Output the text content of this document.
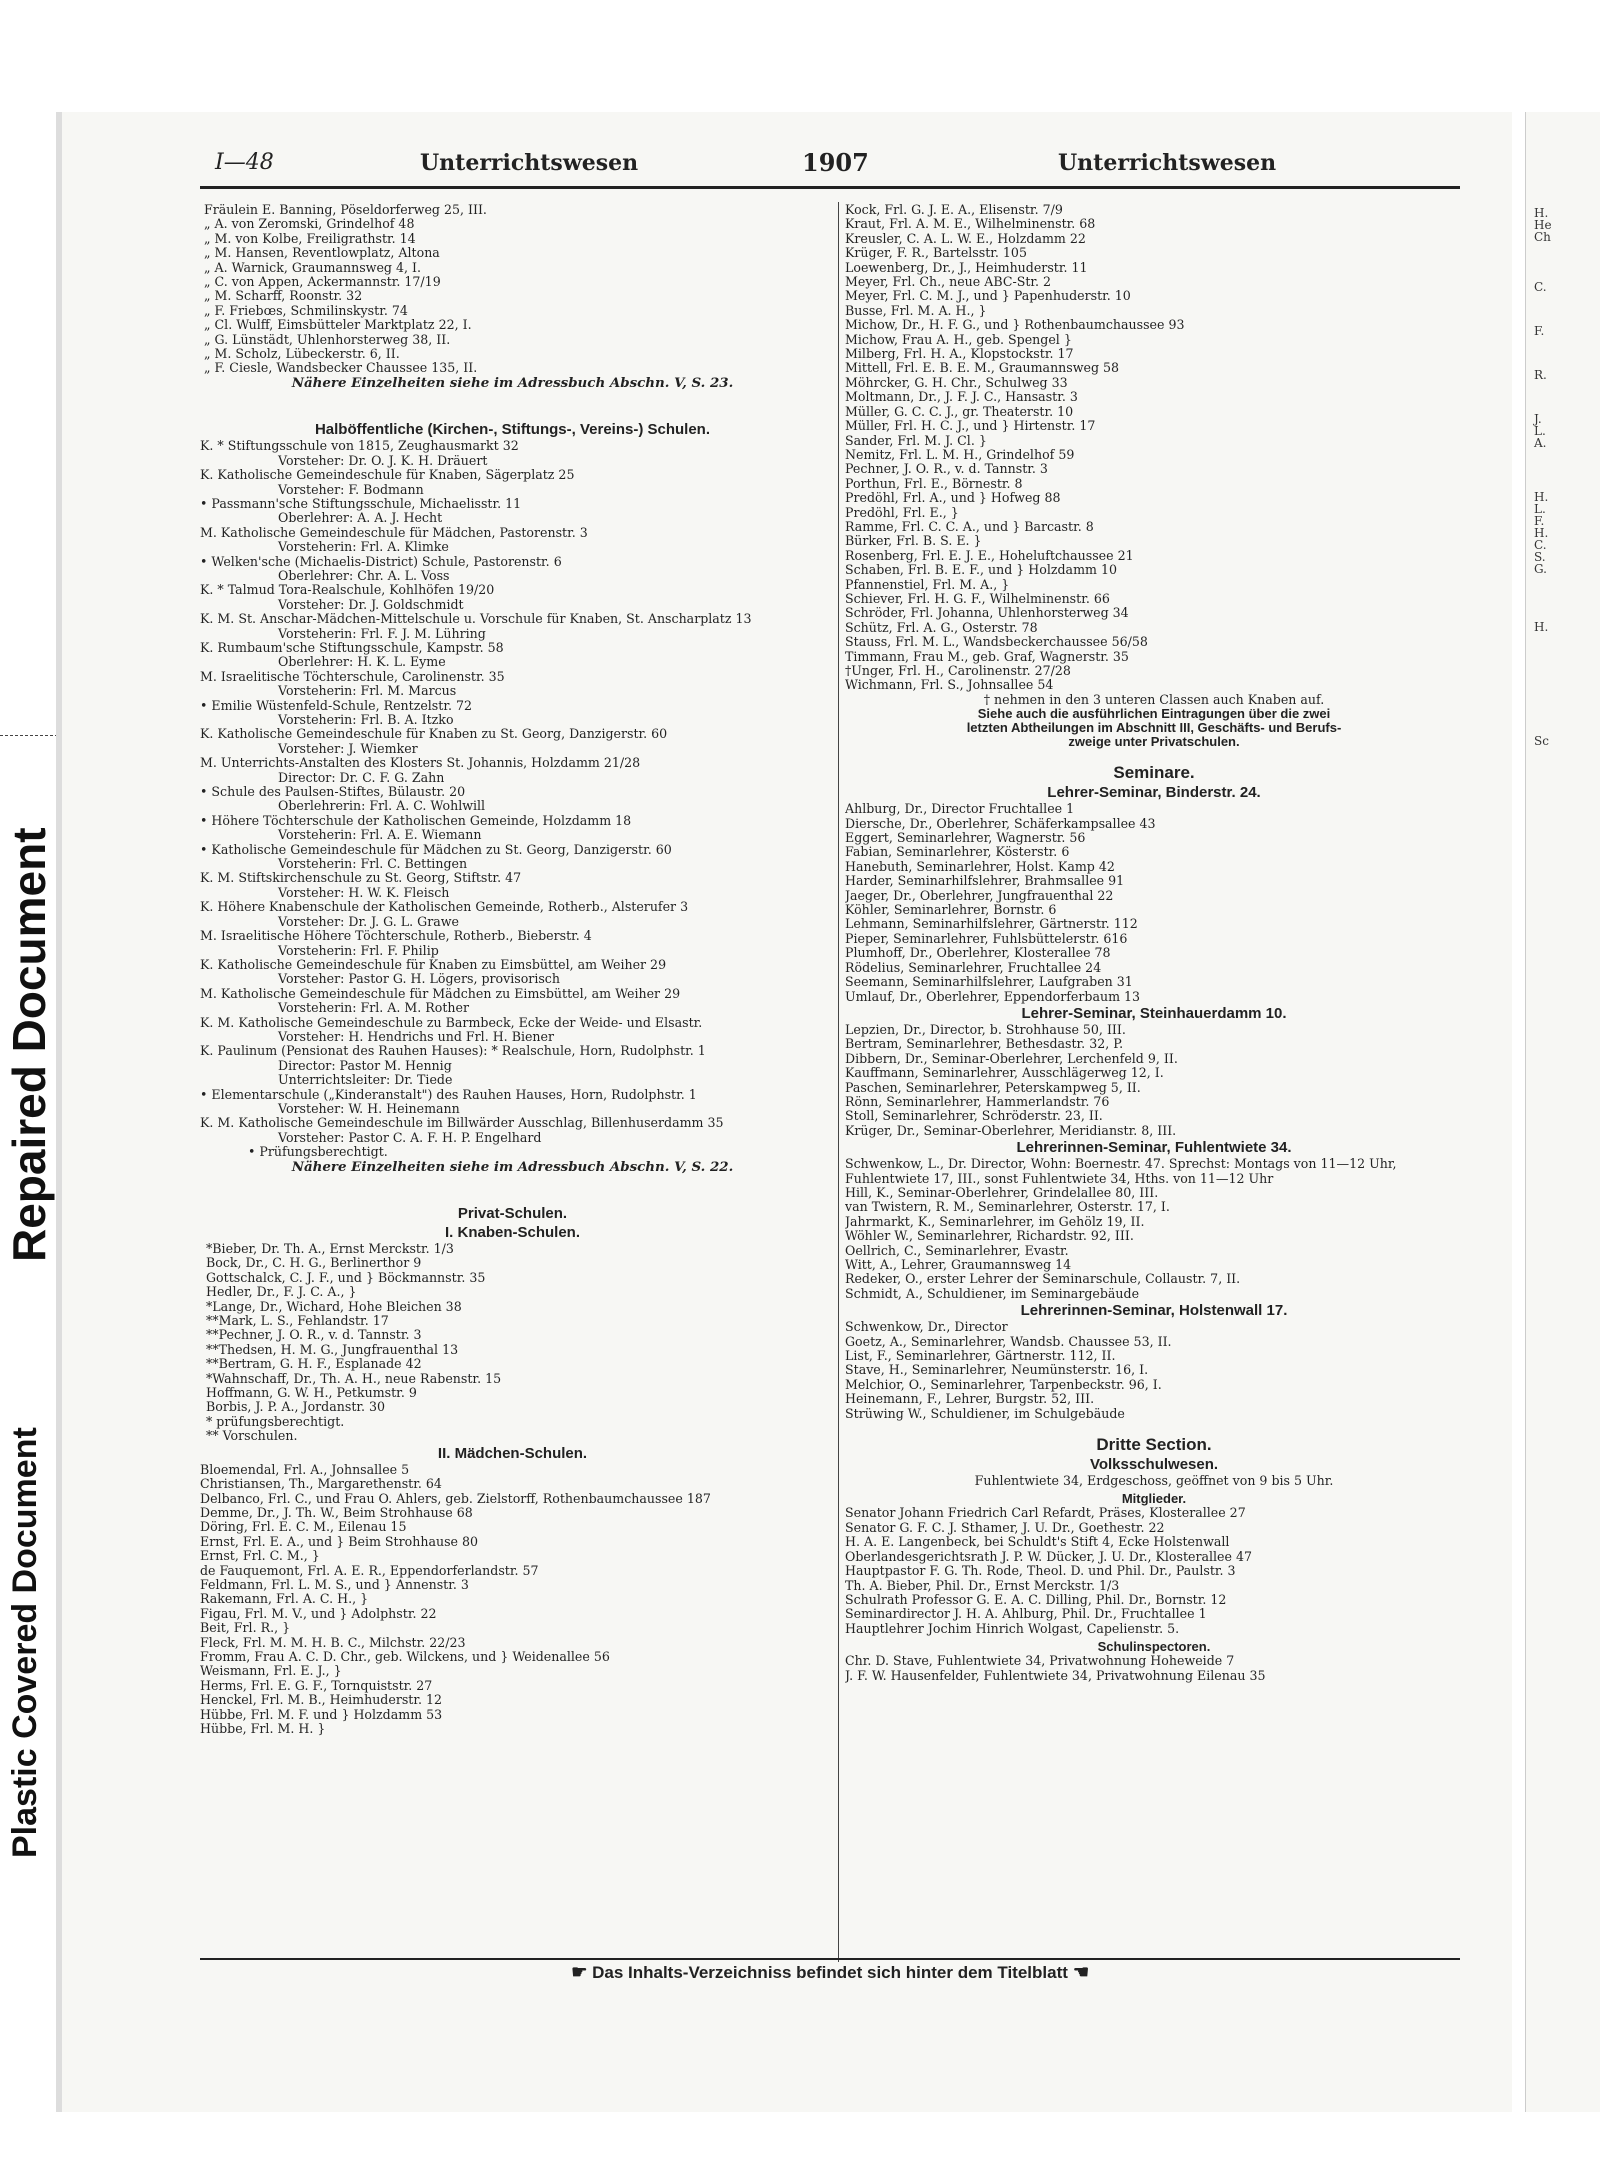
Plastic Covered Document
Repaired Document
H.
He
Ch
C.
F.
R.
J.
L.
A.
H.
L.
F.
H.
C.
S.
G.
H.
Sc
I—48	Unterrichtswesen	1907	Unterrichtswesen
Fräulein E. Banning, Pöseldorferweg 25, III.
„ A. von Zeromski, Grindelhof 48
„ M. von Kolbe, Freiligrathstr. 14
„ M. Hansen, Reventlowplatz, Altona
„ A. Warnick, Graumannsweg 4, I.
„ C. von Appen, Ackermannstr. 17/19
„ M. Scharff, Roonstr. 32
„ F. Friebœs, Schmilinskystr. 74
„ Cl. Wulff, Eimsbütteler Marktplatz 22, I.
„ G. Lünstädt, Uhlenhorsterweg 38, II.
„ M. Scholz, Lübeckerstr. 6, II.
„ F. Ciesle, Wandsbecker Chaussee 135, II.
Nähere Einzelheiten siehe im Adressbuch Abschn. V, S. 23.
Halböffentliche (Kirchen-, Stiftungs-, Vereins-) Schulen.
K. * Stiftungsschule von 1815, Zeughausmarkt 32
Vorsteher: Dr. O. J. K. H. Dräuert
K. Katholische Gemeindeschule für Knaben, Sägerplatz 25
Vorsteher: F. Bodmann
• Passmann'sche Stiftungsschule, Michaelisstr. 11
Oberlehrer: A. A. J. Hecht
M. Katholische Gemeindeschule für Mädchen, Pastorenstr. 3
Vorsteherin: Frl. A. Klimke
• Welken'sche (Michaelis-District) Schule, Pastorenstr. 6
Oberlehrer: Chr. A. L. Voss
K. * Talmud Tora-Realschule, Kohlhöfen 19/20
Vorsteher: Dr. J. Goldschmidt
K. M. St. Anschar-Mädchen-Mittelschule u. Vorschule für Knaben, St. Anscharplatz 13
Vorsteherin: Frl. F. J. M. Lühring
K. Rumbaum'sche Stiftungsschule, Kampstr. 58
Oberlehrer: H. K. L. Eyme
M. Israelitische Töchterschule, Carolinenstr. 35
Vorsteherin: Frl. M. Marcus
• Emilie Wüstenfeld-Schule, Rentzelstr. 72
Vorsteherin: Frl. B. A. Itzko
K. Katholische Gemeindeschule für Knaben zu St. Georg, Danzigerstr. 60
Vorsteher: J. Wiemker
M. Unterrichts-Anstalten des Klosters St. Johannis, Holzdamm 21/28
Director: Dr. C. F. G. Zahn
• Schule des Paulsen-Stiftes, Bülaustr. 20
Oberlehrerin: Frl. A. C. Wohlwill
• Höhere Töchterschule der Katholischen Gemeinde, Holzdamm 18
Vorsteherin: Frl. A. E. Wiemann
• Katholische Gemeindeschule für Mädchen zu St. Georg, Danzigerstr. 60
Vorsteherin: Frl. C. Bettingen
K. M. Stiftskirchenschule zu St. Georg, Stiftstr. 47
Vorsteher: H. W. K. Fleisch
K. Höhere Knabenschule der Katholischen Gemeinde, Rotherb., Alsterufer 3
Vorsteher: Dr. J. G. L. Grawe
M. Israelitische Höhere Töchterschule, Rotherb., Bieberstr. 4
Vorsteherin: Frl. F. Philip
K. Katholische Gemeindeschule für Knaben zu Eimsbüttel, am Weiher 29
Vorsteher: Pastor G. H. Lögers, provisorisch
M. Katholische Gemeindeschule für Mädchen zu Eimsbüttel, am Weiher 29
Vorsteherin: Frl. A. M. Rother
K. M. Katholische Gemeindeschule zu Barmbeck, Ecke der Weide- und Elsastr.
Vorsteher: H. Hendrichs und Frl. H. Biener
K. Paulinum (Pensionat des Rauhen Hauses): * Realschule, Horn, Rudolphstr. 1
Director: Pastor M. Hennig
Unterrichtsleiter: Dr. Tiede
• Elementarschule („Kinderanstalt") des Rauhen Hauses, Horn, Rudolphstr. 1
Vorsteher: W. H. Heinemann
K. M. Katholische Gemeindeschule im Billwärder Ausschlag, Billenhuserdamm 35
Vorsteher: Pastor C. A. F. H. P. Engelhard
• Prüfungsberechtigt.
Nähere Einzelheiten siehe im Adressbuch Abschn. V, S. 22.
Privat-Schulen.
I. Knaben-Schulen.
*Bieber, Dr. Th. A., Ernst Merckstr. 1/3
Bock, Dr., C. H. G., Berlinerthor 9
Gottschalck, C. J. F., und } Böckmannstr. 35
Hedler, Dr., F. J. C. A., }
*Lange, Dr., Wichard, Hohe Bleichen 38
**Mark, L. S., Fehlandstr. 17
**Pechner, J. O. R., v. d. Tannstr. 3
**Thedsen, H. M. G., Jungfrauenthal 13
**Bertram, G. H. F., Esplanade 42
*Wahnschaff, Dr., Th. A. H., neue Rabenstr. 15
Hoffmann, G. W. H., Petkumstr. 9
Borbis, J. P. A., Jordanstr. 30
* prüfungsberechtigt.
** Vorschulen.
II. Mädchen-Schulen.
Bloemendal, Frl. A., Johnsallee 5
Christiansen, Th., Margarethenstr. 64
Delbanco, Frl. C., und Frau O. Ahlers, geb. Zielstorff, Rothenbaumchaussee 187
Demme, Dr., J. Th. W., Beim Strohhause 68
Döring, Frl. E. C. M., Eilenau 15
Ernst, Frl. E. A., und } Beim Strohhause 80
Ernst, Frl. C. M., }
de Fauquemont, Frl. A. E. R., Eppendorferlandstr. 57
Feldmann, Frl. L. M. S., und } Annenstr. 3
Rakemann, Frl. A. C. H., }
Figau, Frl. M. V., und } Adolphstr. 22
Beit, Frl. R., }
Fleck, Frl. M. M. H. B. C., Milchstr. 22/23
Fromm, Frau A. C. D. Chr., geb. Wilckens, und } Weidenallee 56
Weismann, Frl. E. J., }
Herms, Frl. E. G. F., Tornquiststr. 27
Henckel, Frl. M. B., Heimhuderstr. 12
Hübbe, Frl. M. F. und } Holzdamm 53
Hübbe, Frl. M. H. }
Kock, Frl. G. J. E. A., Elisenstr. 7/9
Kraut, Frl. A. M. E., Wilhelminenstr. 68
Kreusler, C. A. L. W. E., Holzdamm 22
Krüger, F. R., Bartelsstr. 105
Loewenberg, Dr., J., Heimhuderstr. 11
Meyer, Frl. Ch., neue ABC-Str. 2
Meyer, Frl. C. M. J., und } Papenhuderstr. 10
Busse, Frl. M. A. H., }
Michow, Dr., H. F. G., und } Rothenbaumchaussee 93
Michow, Frau A. H., geb. Spengel }
Milberg, Frl. H. A., Klopstockstr. 17
Mittell, Frl. E. B. E. M., Graumannsweg 58
Möhrcker, G. H. Chr., Schulweg 33
Moltmann, Dr., J. F. J. C., Hansastr. 3
Müller, G. C. C. J., gr. Theaterstr. 10
Müller, Frl. H. C. J., und } Hirtenstr. 17
Sander, Frl. M. J. Cl. }
Nemitz, Frl. L. M. H., Grindelhof 59
Pechner, J. O. R., v. d. Tannstr. 3
Porthun, Frl. E., Börnestr. 8
Predöhl, Frl. A., und } Hofweg 88
Predöhl, Frl. E., }
Ramme, Frl. C. C. A., und } Barcastr. 8
Bürker, Frl. B. S. E. }
Rosenberg, Frl. E. J. E., Hoheluftchaussee 21
Schaben, Frl. B. E. F., und } Holzdamm 10
Pfannenstiel, Frl. M. A., }
Schiever, Frl. H. G. F., Wilhelminenstr. 66
Schröder, Frl. Johanna, Uhlenhorsterweg 34
Schütz, Frl. A. G., Osterstr. 78
Stauss, Frl. M. L., Wandsbeckerchaussee 56/58
Timmann, Frau M., geb. Graf, Wagnerstr. 35
†Unger, Frl. H., Carolinenstr. 27/28
Wichmann, Frl. S., Johnsallee 54
† nehmen in den 3 unteren Classen auch Knaben auf.
Siehe auch die ausführlichen Eintragungen über die zwei
letzten Abtheilungen im Abschnitt III, Geschäfts- und Berufs-
zweige unter Privatschulen.
Seminare.
Lehrer-Seminar, Binderstr. 24.
Ahlburg, Dr., Director Fruchtallee 1
Diersche, Dr., Oberlehrer, Schäferkampsallee 43
Eggert, Seminarlehrer, Wagnerstr. 56
Fabian, Seminarlehrer, Kösterstr. 6
Hanebuth, Seminarlehrer, Holst. Kamp 42
Harder, Seminarhilfslehrer, Brahmsallee 91
Jaeger, Dr., Oberlehrer, Jungfrauenthal 22
Köhler, Seminarlehrer, Bornstr. 6
Lehmann, Seminarhilfslehrer, Gärtnerstr. 112
Pieper, Seminarlehrer, Fuhlsbüttelerstr. 616
Plumhoff, Dr., Oberlehrer, Klosterallee 78
Rödelius, Seminarlehrer, Fruchtallee 24
Seemann, Seminarhilfslehrer, Laufgraben 31
Umlauf, Dr., Oberlehrer, Eppendorferbaum 13
Lehrer-Seminar, Steinhauerdamm 10.
Lepzien, Dr., Director, b. Strohhause 50, III.
Bertram, Seminarlehrer, Bethesdastr. 32, P.
Dibbern, Dr., Seminar-Oberlehrer, Lerchenfeld 9, II.
Kauffmann, Seminarlehrer, Ausschlägerweg 12, I.
Paschen, Seminarlehrer, Peterskampweg 5, II.
Rönn, Seminarlehrer, Hammerlandstr. 76
Stoll, Seminarlehrer, Schröderstr. 23, II.
Krüger, Dr., Seminar-Oberlehrer, Meridianstr. 8, III.
Lehrerinnen-Seminar, Fuhlentwiete 34.
Schwenkow, L., Dr. Director, Wohn: Boernestr. 47. Sprechst: Montags von 11—12 Uhr,
Fuhlentwiete 17, III., sonst Fuhlentwiete 34, Hths. von 11—12 Uhr
Hill, K., Seminar-Oberlehrer, Grindelallee 80, III.
van Twistern, R. M., Seminarlehrer, Osterstr. 17, I.
Jahrmarkt, K., Seminarlehrer, im Gehölz 19, II.
Wöhler W., Seminarlehrer, Richardstr. 92, III.
Oellrich, C., Seminarlehrer, Evastr.
Witt, A., Lehrer, Graumannsweg 14
Redeker, O., erster Lehrer der Seminarschule, Collaustr. 7, II.
Schmidt, A., Schuldiener, im Seminargebäude
Lehrerinnen-Seminar, Holstenwall 17.
Schwenkow, Dr., Director
Goetz, A., Seminarlehrer, Wandsb. Chaussee 53, II.
List, F., Seminarlehrer, Gärtnerstr. 112, II.
Stave, H., Seminarlehrer, Neumünsterstr. 16, I.
Melchior, O., Seminarlehrer, Tarpenbeckstr. 96, I.
Heinemann, F., Lehrer, Burgstr. 52, III.
Strüwing W., Schuldiener, im Schulgebäude
Dritte Section.
Volksschulwesen.
Fuhlentwiete 34, Erdgeschoss, geöffnet von 9 bis 5 Uhr.
Mitglieder.
Senator Johann Friedrich Carl Refardt, Präses, Klosterallee 27
Senator G. F. C. J. Sthamer, J. U. Dr., Goethestr. 22
H. A. E. Langenbeck, bei Schuldt's Stift 4, Ecke Holstenwall
Oberlandesgerichtsrath J. P. W. Dücker, J. U. Dr., Klosterallee 47
Hauptpastor F. G. Th. Rode, Theol. D. und Phil. Dr., Paulstr. 3
Th. A. Bieber, Phil. Dr., Ernst Merckstr. 1/3
Schulrath Professor G. E. A. C. Dilling, Phil. Dr., Bornstr. 12
Seminardirector J. H. A. Ahlburg, Phil. Dr., Fruchtallee 1
Hauptlehrer Jochim Hinrich Wolgast, Capelienstr. 5.
Schulinspectoren.
Chr. D. Stave, Fuhlentwiete 34, Privatwohnung Hoheweide 7
J. F. W. Hausenfelder, Fuhlentwiete 34, Privatwohnung Eilenau 35
☛ Das Inhalts-Verzeichniss befindet sich hinter dem Titelblatt ☛
